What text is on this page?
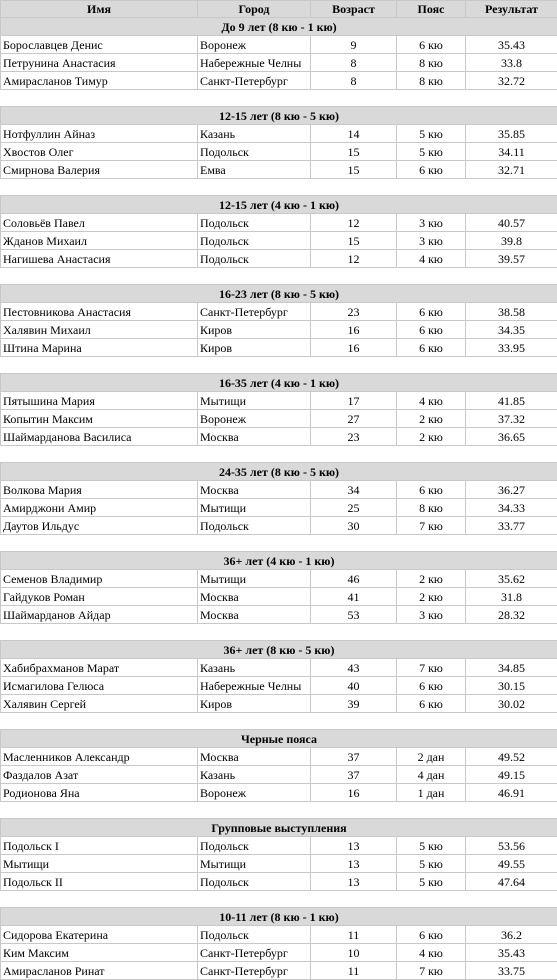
Имя	Город	Возраст	Пояс	Результат
До 9 лет (8 кю - 1 кю)				
Борославцев Денис	Воронеж	9	6 кю	35.43
Петрунина Анастасия	Набережные Челны	8	8 кю	33.8
Амирасланов Тимур	Санкт-Петербург	8	8 кю	32.72

12-15 лет (8 кю - 5 кю)				
Нотфуллин Айназ	Казань	14	5 кю	35.85
Хвостов Олег	Подольск	15	5 кю	34.11
Смирнова Валерия	Емва	15	6 кю	32.71

12-15 лет (4 кю - 1 кю)				
Соловьёв Павел	Подольск	12	3 кю	40.57
Жданов Михаил	Подольск	15	3 кю	39.8
Нагишева Анастасия	Подольск	12	4 кю	39.57

16-23 лет (8 кю - 5 кю)				
Пестовникова Анастасия	Санкт-Петербург	23	6 кю	38.58
Халявин Михаил	Киров	16	6 кю	34.35
Штина Марина	Киров	16	6 кю	33.95

16-35 лет (4 кю - 1 кю)				
Пятышина Мария	Мытищи	17	4 кю	41.85
Копытин Максим	Воронеж	27	2 кю	37.32
Шаймарданова Василиса	Москва	23	2 кю	36.65

24-35 лет (8 кю - 5 кю)				
Волкова Мария	Москва	34	6 кю	36.27
Амирджони Амир	Мытищи	25	8 кю	34.33
Даутов Ильдус	Подольск	30	7 кю	33.77

36+ лет (4 кю - 1 кю)				
Семенов Владимир	Мытищи	46	2 кю	35.62
Гайдуков Роман	Москва	41	2 кю	31.8
Шаймарданов Айдар	Москва	53	3 кю	28.32

36+ лет (8 кю - 5 кю)				
Хабибрахманов Марат	Казань	43	7 кю	34.85
Исмагилова Гелюса	Набережные Челны	40	6 кю	30.15
Халявин Сергей	Киров	39	6 кю	30.02

Черные пояса				
Масленников Александр	Москва	37	2 дан	49.52
Фаздалов Азат	Казань	37	4 дан	49.15
Родионова Яна	Воронеж	16	1 дан	46.91

Групповые выступления				
Подольск I	Подольск	13	5 кю	53.56
Мытищи	Мытищи	13	5 кю	49.55
Подольск II	Подольск	13	5 кю	47.64

10-11 лет (8 кю - 1 кю)				
Сидорова Екатерина	Подольск	11	6 кю	36.2
Ким Максим	Санкт-Петербург	10	4 кю	35.43
Амирасланов Ринат	Санкт-Петербург	11	7 кю	33.75
